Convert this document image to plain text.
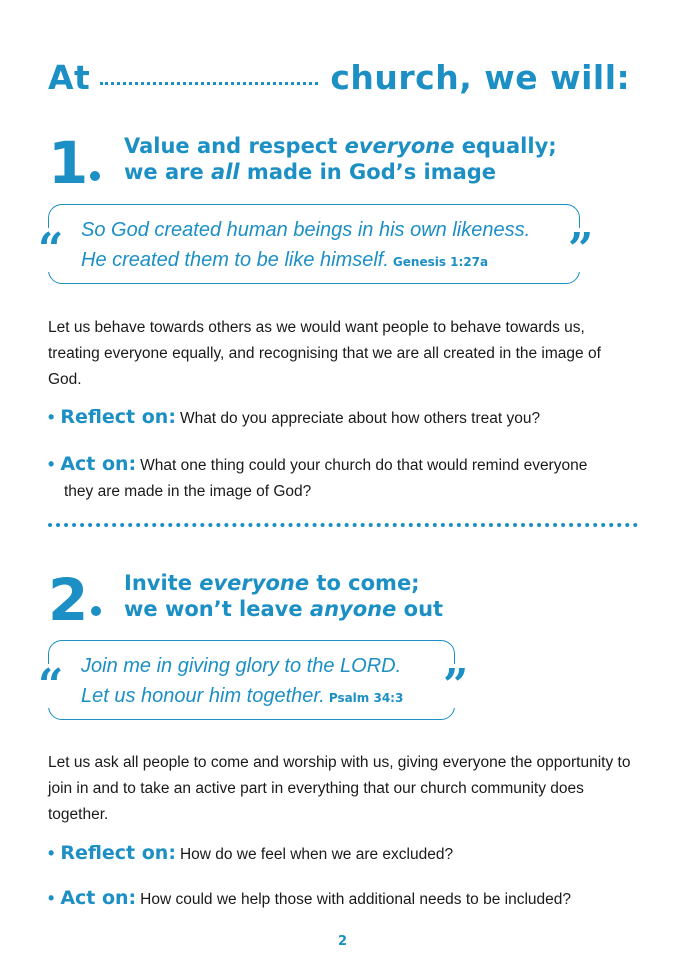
At	church, we will:
1 Value and respect everyone equally;
we are all made in God’s image

So God created human beings in his own likeness.
He created them to be like himself. Genesis 1:27a

“	”

Let us behave towards others as we would want people to behave towards us, treating everyone equally, and recognising that we are all created in the image of God.

• Reflect on: What do you appreciate about how others treat you?

• Act on: What one thing could your church do that would remind everyone
they are made in the image of God?

2 Invite everyone to come;
we won’t leave anyone out

Join me in giving glory to the LORD.
Let us honour him together. Psalm 34:3

“	”

Let us ask all people to come and worship with us, giving everyone the opportunity to join in and to take an active part in everything that our church community does together.

• Reflect on: How do we feel when we are excluded?

• Act on: How could we help those with additional needs to be included?

2
